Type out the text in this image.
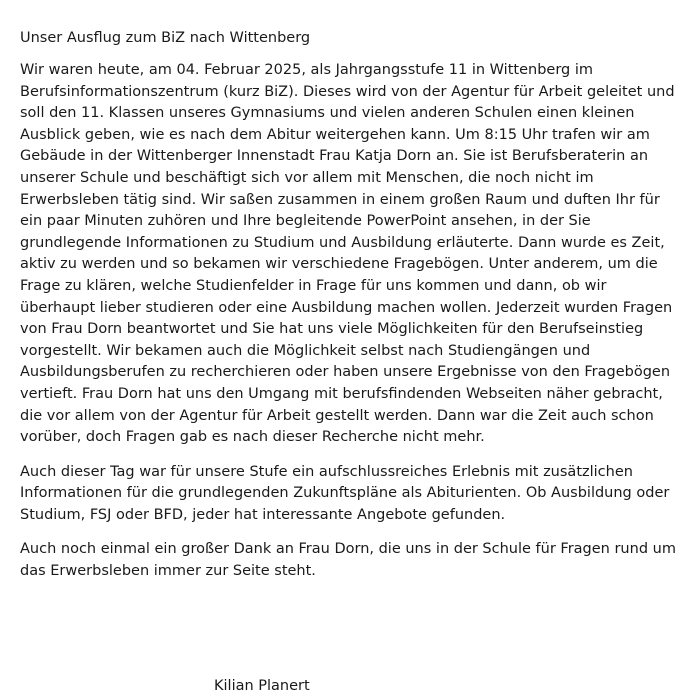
Unser Ausflug zum BiZ nach Wittenberg

Wir waren heute, am 04. Februar 2025, als Jahrgangsstufe 11 in Wittenberg im Berufsinformationszentrum (kurz BiZ). Dieses wird von der Agentur für Arbeit geleitet und soll den 11. Klassen unseres Gymnasiums und vielen anderen Schulen einen kleinen Ausblick geben, wie es nach dem Abitur weitergehen kann. Um 8:15 Uhr trafen wir am Gebäude in der Wittenberger Innenstadt Frau Katja Dorn an. Sie ist Berufsberaterin an unserer Schule und beschäftigt sich vor allem mit Menschen, die noch nicht im Erwerbsleben tätig sind. Wir saßen zusammen in einem großen Raum und duften Ihr für ein paar Minuten zuhören und Ihre begleitende PowerPoint ansehen, in der Sie grundlegende Informationen zu Studium und Ausbildung erläuterte. Dann wurde es Zeit, aktiv zu werden und so bekamen wir verschiedene Fragebögen. Unter anderem, um die Frage zu klären, welche Studienfelder in Frage für uns kommen und dann, ob wir überhaupt lieber studieren oder eine Ausbildung machen wollen. Jederzeit wurden Fragen von Frau Dorn beantwortet und Sie hat uns viele Möglichkeiten für den Berufseinstieg vorgestellt. Wir bekamen auch die Möglichkeit selbst nach Studiengängen und Ausbildungsberufen zu recherchieren oder haben unsere Ergebnisse von den Fragebögen vertieft. Frau Dorn hat uns den Umgang mit berufsfindenden Webseiten näher gebracht, die vor allem von der Agentur für Arbeit gestellt werden. Dann war die Zeit auch schon vorüber, doch Fragen gab es nach dieser Recherche nicht mehr.

Auch dieser Tag war für unsere Stufe ein aufschlussreiches Erlebnis mit zusätzlichen Informationen für die grundlegenden Zukunftspläne als Abiturienten. Ob Ausbildung oder Studium, FSJ oder BFD, jeder hat interessante Angebote gefunden.

Auch noch einmal ein großer Dank an Frau Dorn, die uns in der Schule für Fragen rund um das Erwerbsleben immer zur Seite steht.

Kilian Planert
